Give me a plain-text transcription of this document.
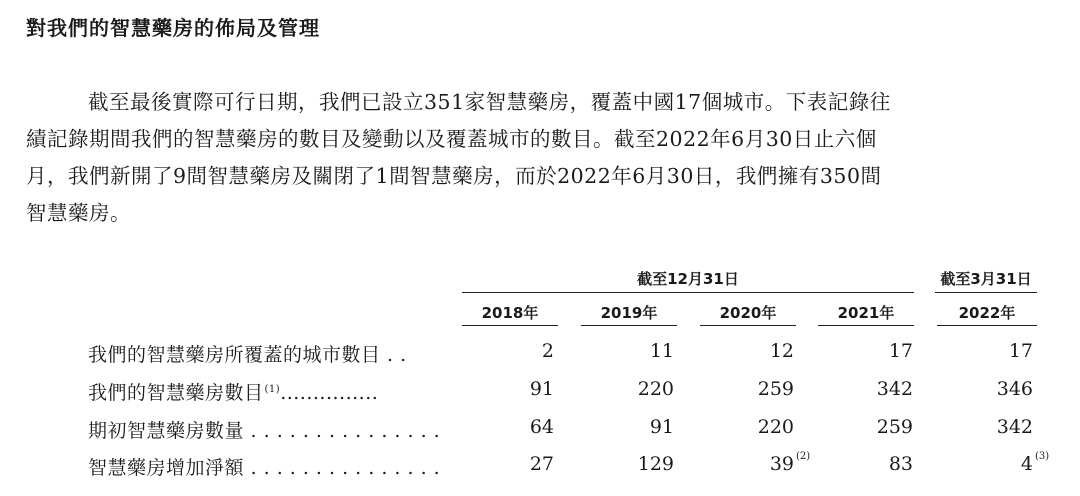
對我們的智慧藥房的佈局及管理
截至最後實際可行日期，我們已設立351家智慧藥房，覆蓋中國17個城市。下表記錄往
績記錄期間我們的智慧藥房的數目及變動以及覆蓋城市的數目。截至2022年6月30日止六個
月，我們新開了9間智慧藥房及關閉了1間智慧藥房，而於2022年6月30日，我們擁有350間
智慧藥房。
截至12月31日	截至3月31日
2018年	2019年	2020年	2021年	2022年
我們的智慧藥房所覆蓋的城市數目 . .	2	11	12	17	17
我們的智慧藥房數目$^{(1)}$...............	91	220	259	342	346
期初智慧藥房數量 . . . . . . . . . . . . . . .	64	91	220	259	342
智慧藥房增加淨額 . . . . . . . . . . . . . . .	27	129	39 (2)	83	4 (3)
